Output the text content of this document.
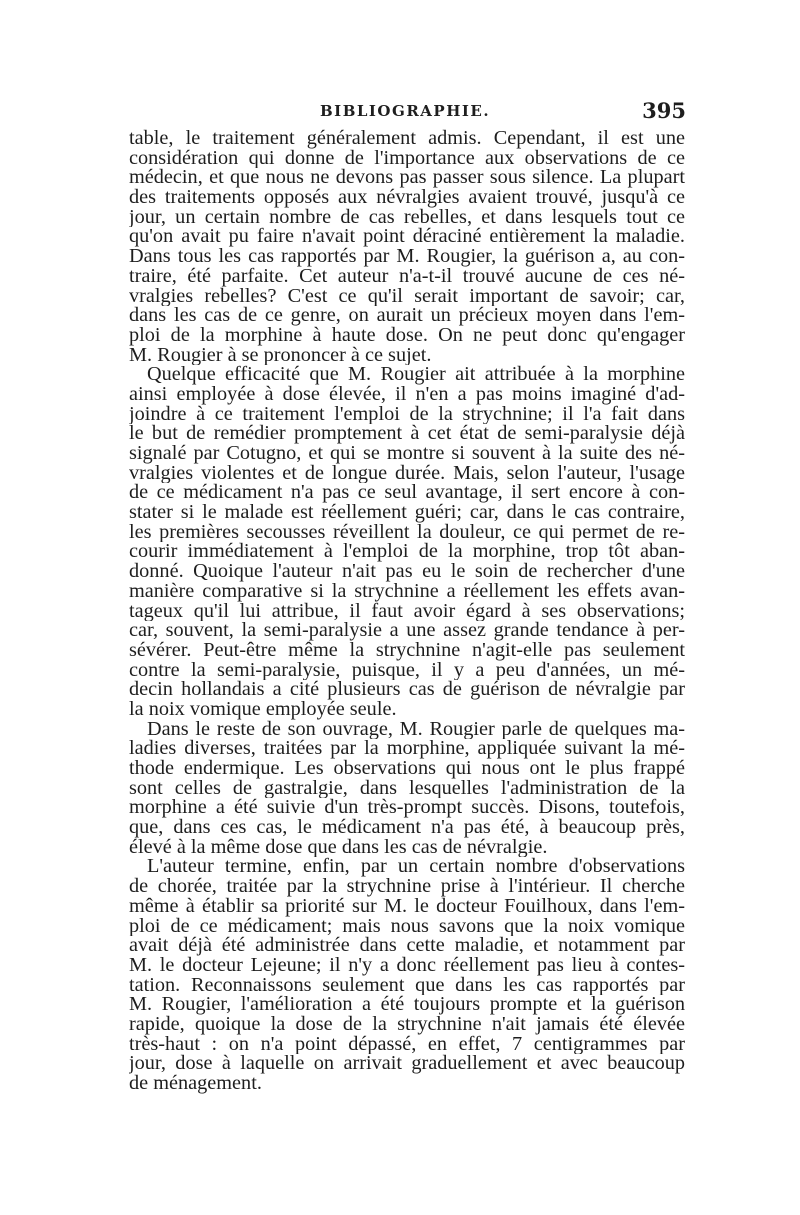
BIBLIOGRAPHIE.	395
table, le traitement généralement admis. Cependant, il est une
considération qui donne de l'importance aux observations de ce
médecin, et que nous ne devons pas passer sous silence. La plupart
des traitements opposés aux névralgies avaient trouvé, jusqu'à ce
jour, un certain nombre de cas rebelles, et dans lesquels tout ce
qu'on avait pu faire n'avait point déraciné entièrement la maladie.
Dans tous les cas rapportés par M. Rougier, la guérison a, au con-
traire, été parfaite. Cet auteur n'a-t-il trouvé aucune de ces né-
vralgies rebelles? C'est ce qu'il serait important de savoir; car,
dans les cas de ce genre, on aurait un précieux moyen dans l'em-
ploi de la morphine à haute dose. On ne peut donc qu'engager
M. Rougier à se prononcer à ce sujet.
Quelque efficacité que M. Rougier ait attribuée à la morphine
ainsi employée à dose élevée, il n'en a pas moins imaginé d'ad-
joindre à ce traitement l'emploi de la strychnine; il l'a fait dans
le but de remédier promptement à cet état de semi-paralysie déjà
signalé par Cotugno, et qui se montre si souvent à la suite des né-
vralgies violentes et de longue durée. Mais, selon l'auteur, l'usage
de ce médicament n'a pas ce seul avantage, il sert encore à con-
stater si le malade est réellement guéri; car, dans le cas contraire,
les premières secousses réveillent la douleur, ce qui permet de re-
courir immédiatement à l'emploi de la morphine, trop tôt aban-
donné. Quoique l'auteur n'ait pas eu le soin de rechercher d'une
manière comparative si la strychnine a réellement les effets avan-
tageux qu'il lui attribue, il faut avoir égard à ses observations;
car, souvent, la semi-paralysie a une assez grande tendance à per-
sévérer. Peut-être même la strychnine n'agit-elle pas seulement
contre la semi-paralysie, puisque, il y a peu d'années, un mé-
decin hollandais a cité plusieurs cas de guérison de névralgie par
la noix vomique employée seule.
Dans le reste de son ouvrage, M. Rougier parle de quelques ma-
ladies diverses, traitées par la morphine, appliquée suivant la mé-
thode endermique. Les observations qui nous ont le plus frappé
sont celles de gastralgie, dans lesquelles l'administration de la
morphine a été suivie d'un très-prompt succès. Disons, toutefois,
que, dans ces cas, le médicament n'a pas été, à beaucoup près,
élevé à la même dose que dans les cas de névralgie.
L'auteur termine, enfin, par un certain nombre d'observations
de chorée, traitée par la strychnine prise à l'intérieur. Il cherche
même à établir sa priorité sur M. le docteur Fouilhoux, dans l'em-
ploi de ce médicament; mais nous savons que la noix vomique
avait déjà été administrée dans cette maladie, et notamment par
M. le docteur Lejeune; il n'y a donc réellement pas lieu à contes-
tation. Reconnaissons seulement que dans les cas rapportés par
M. Rougier, l'amélioration a été toujours prompte et la guérison
rapide, quoique la dose de la strychnine n'ait jamais été élevée
très-haut : on n'a point dépassé, en effet, 7 centigrammes par
jour, dose à laquelle on arrivait graduellement et avec beaucoup
de ménagement.
